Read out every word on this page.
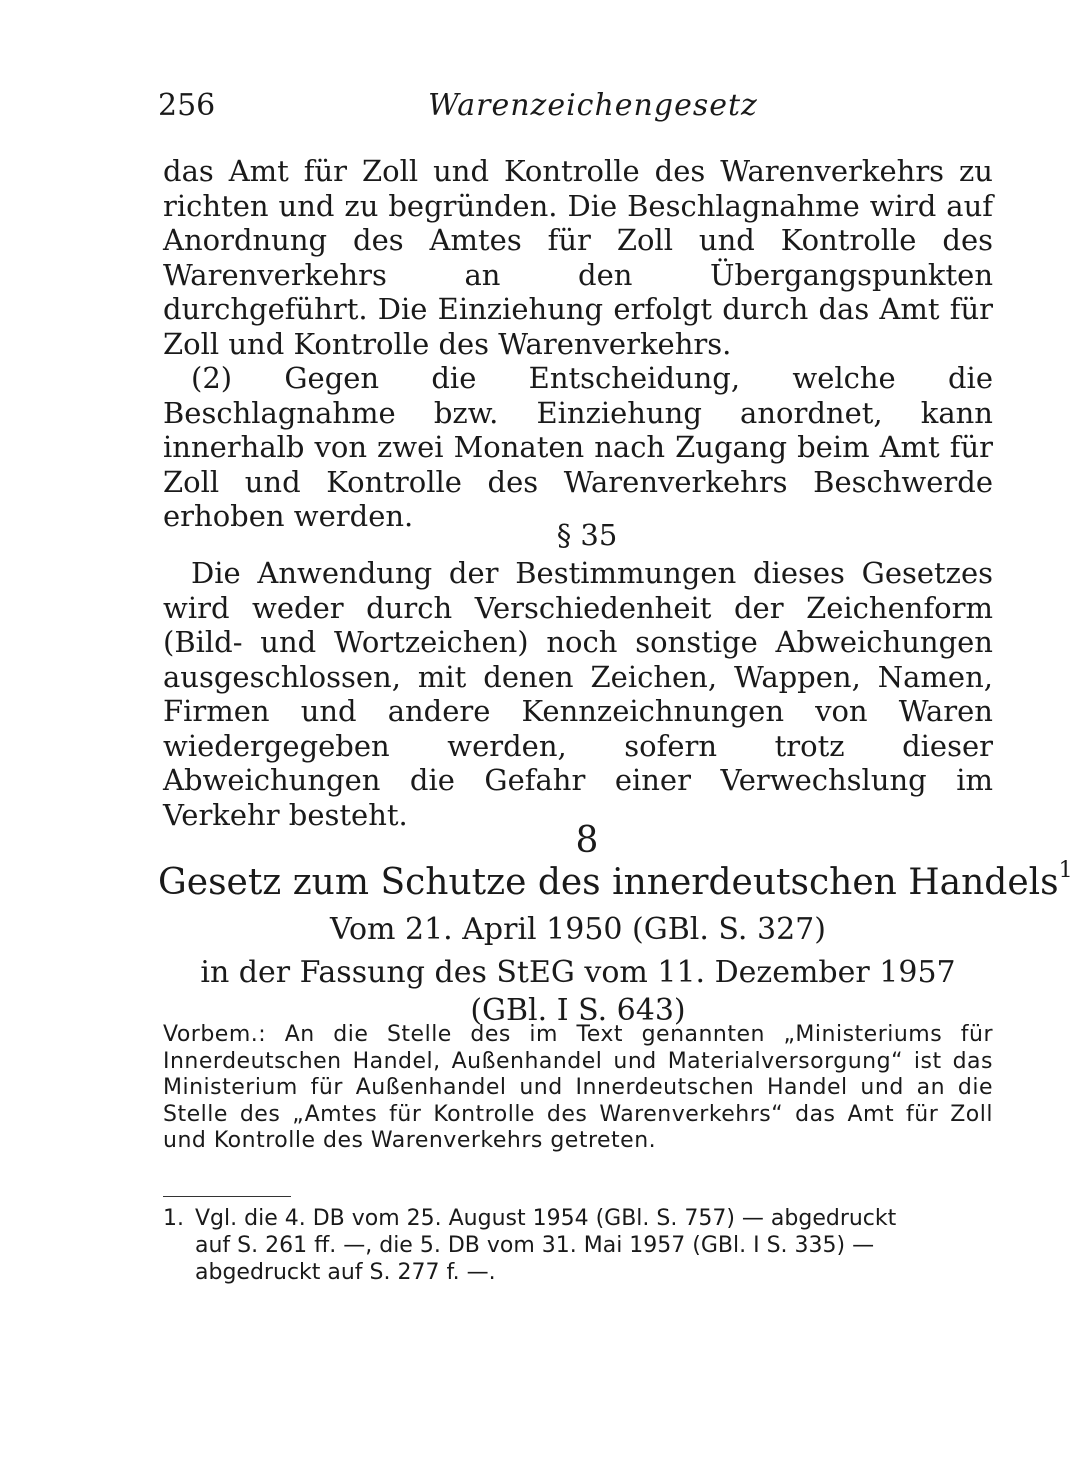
256	Warenzeichengesetz

das Amt für Zoll und Kontrolle des Warenverkehrs zu richten und zu begründen. Die Beschlagnahme wird auf Anordnung des Amtes für Zoll und Kontrolle des Warenverkehrs an den Übergangspunkten durchgeführt. Die Einziehung erfolgt durch das Amt für Zoll und Kontrolle des Warenverkehrs.

(2) Gegen die Entscheidung, welche die Beschlagnahme bzw. Einziehung anordnet, kann innerhalb von zwei Monaten nach Zugang beim Amt für Zoll und Kontrolle des Warenverkehrs Beschwerde erhoben werden.

§ 35

Die Anwendung der Bestimmungen dieses Gesetzes wird weder durch Verschiedenheit der Zeichenform (Bild- und Wortzeichen) noch sonstige Abweichungen ausgeschlossen, mit denen Zeichen, Wappen, Namen, Firmen und andere Kennzeichnungen von Waren wiedergegeben werden, sofern trotz dieser Abweichungen die Gefahr einer Verwechslung im Verkehr besteht.

8
Gesetz zum Schutze des innerdeutschen Handels$^1$
Vom 21. April 1950 (GBl. S. 327)
in der Fassung des StEG vom 11. Dezember 1957
(GBl. I S. 643)
Vorbem.: An die Stelle des im Text genannten „Ministeriums für Innerdeutschen Handel, Außenhandel und Materialversorgung“ ist das Ministerium für Außenhandel und Innerdeutschen Handel und an die Stelle des „Amtes für Kontrolle des Warenverkehrs“ das Amt für Zoll und Kontrolle des Warenverkehrs getreten.
1. Vgl. die 4. DB vom 25. August 1954 (GBl. S. 757) — abgedruckt
auf S. 261 ff. —, die 5. DB vom 31. Mai 1957 (GBl. I S. 335) —
abgedruckt auf S. 277 f. —.
